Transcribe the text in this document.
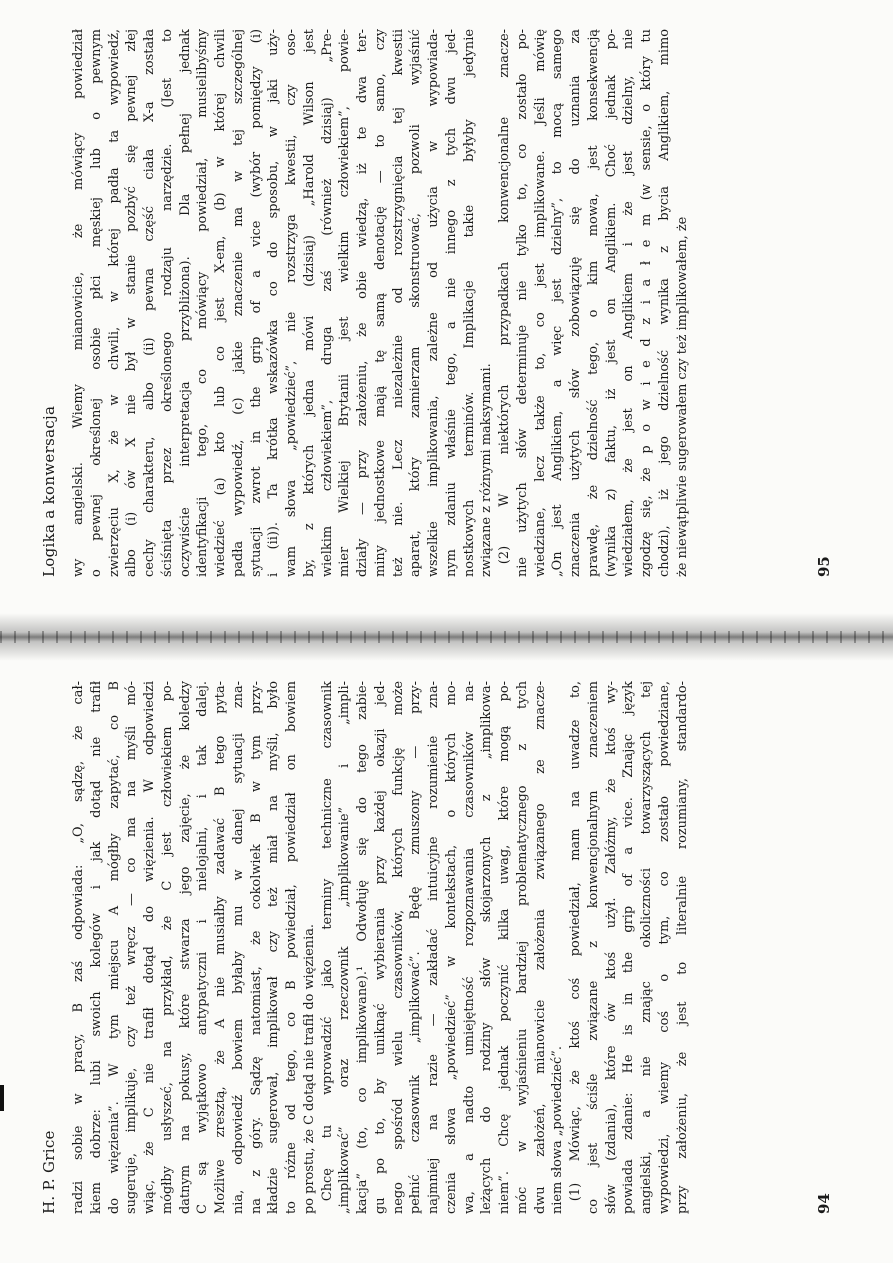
H. P. Grice radzi sobie w pracy, B zaś odpowiada: „O, sądzę, że cał- kiem dobrze: lubi swoich kolegów i jak dotąd nie trafił do więzienia”. W tym miejscu A mógłby zapytać, co B sugeruje, implikuje, czy też wręcz — co ma na myśli mó- wiąc, że C nie trafił dotąd do więzienia. W odpowiedzi mógłby usłyszeć, na przykład, że C jest człowiekiem po- datnym na pokusy, które stwarza jego zajęcie, że koledzy C są wyjątkowo antypatyczni i nielojalni, i tak dalej. Możliwe zresztą, że A nie musiałby zadawać B tego pyta- nia, odpowiedź bowiem byłaby mu w danej sytuacji zna- na z góry. Sądzę natomiast, że cokolwiek B w tym przy- kładzie sugerował, implikował czy też miał na myśli, było to różne od tego, co B powiedział, powiedział on bowiem po prostu, że C dotąd nie trafił do więzienia.  Chcę tu wprowadzić jako terminy techniczne czasownik „implikować” oraz rzeczownik „implikowanie” i „impli- kacja” (to, co implikowane).¹ Odwołuję się do tego zabie- gu po to, by uniknąć wybierania przy każdej okazji jed- nego spośród wielu czasowników, których funkcję może pełnić czasownik „implikować”. Będę zmuszony — przy- najmniej na razie — zakładać intuicyjne rozumienie zna- czenia słowa „powiedzieć” w kontekstach, o których mo- wa, a nadto umiejętność rozpoznawania czasowników na- leżących do rodziny słów skojarzonych z „implikowa- niem”. Chcę jednak poczynić kilka uwag, które mogą po- móc w wyjaśnieniu bardziej problematycznego z tych dwu założeń, mianowicie założenia związanego ze znacze- niem słowa „powiedzieć”.  (1) Mówiąc, że ktoś coś powiedział, mam na uwadze to, co jest ściśle związane z konwencjonalnym znaczeniem słów (zdania), które ów ktoś użył. Załóżmy, że ktoś wy- powiada zdanie: He is in the grip of a vice. Znając język angielski, a nie znając okoliczności towarzyszących tej wypowiedzi, wiemy coś o tym, co zostało powiedziane, przy założeniu, że jest to literalnie rozumiany, standardo-	94
Logika a konwersacja wy angielski. Wiemy mianowicie, że mówiący powiedział o pewnej określonej osobie płci męskiej lub o pewnym zwierzęciu X, że w chwili, w której padła ta wypowiedź, albo (i) ów X nie był w stanie pozbyć się pewnej złej cechy charakteru, albo (ii) pewna część ciała X-a została ściśnięta przez określonego rodzaju narzędzie. (Jest to oczywiście interpretacja przybliżona). Dla pełnej jednak identyfikacji tego, co mówiący powiedział, musielibyśmy wiedzieć (a) kto lub co jest X-em, (b) w której chwili padła wypowiedź, (c) jakie znaczenie ma w tej szczególnej sytuacji zwrot in the grip of a vice (wybór pomiędzy (i) i (ii)). Ta krótka wskazówka co do sposobu, w jaki uży- wam słowa „powiedzieć”, nie rozstrzyga kwestii, czy oso- by, z których jedna mówi (dzisiaj) „Harold Wilson jest wielkim człowiekiem”, druga zaś (również dzisiaj) „Pre- mier Wielkiej Brytanii jest wielkim człowiekiem”, powie- działy — przy założeniu, że obie wiedzą, iż te dwa ter- miny jednostkowe mają tę samą denotację — to samo, czy też nie. Lecz niezależnie od rozstrzygnięcia tej kwestii aparat, który zamierzam skonstruować, pozwoli wyjaśnić wszelkie implikowania, zależne od użycia w wypowiada- nym zdaniu właśnie tego, a nie innego z tych dwu jed- nostkowych terminów. Implikacje takie byłyby jedynie związane z różnymi maksymami.  (2) W niektórych przypadkach konwencjonalne znacze- nie użytych słów determinuje nie tylko to, co zostało po- wiedziane, lecz także to, co jest implikowane. Jeśli mówię „On jest Anglikiem, a więc jest dzielny”, to mocą samego znaczenia użytych słów zobowiązuję się do uznania za prawdę, że dzielność tego, o kim mowa, jest konsekwencją (wynika z) faktu, iż jest on Anglikiem. Choć jednak po- wiedziałem, że jest on Anglikiem i że jest dzielny, nie zgodzę się, że p o w i e d z i a ł e m (w sensie, o który tu chodzi), iż jego dzielność wynika z bycia Anglikiem, mimo że niewątpliwie sugerowałem czy też implikowałem, że	95
